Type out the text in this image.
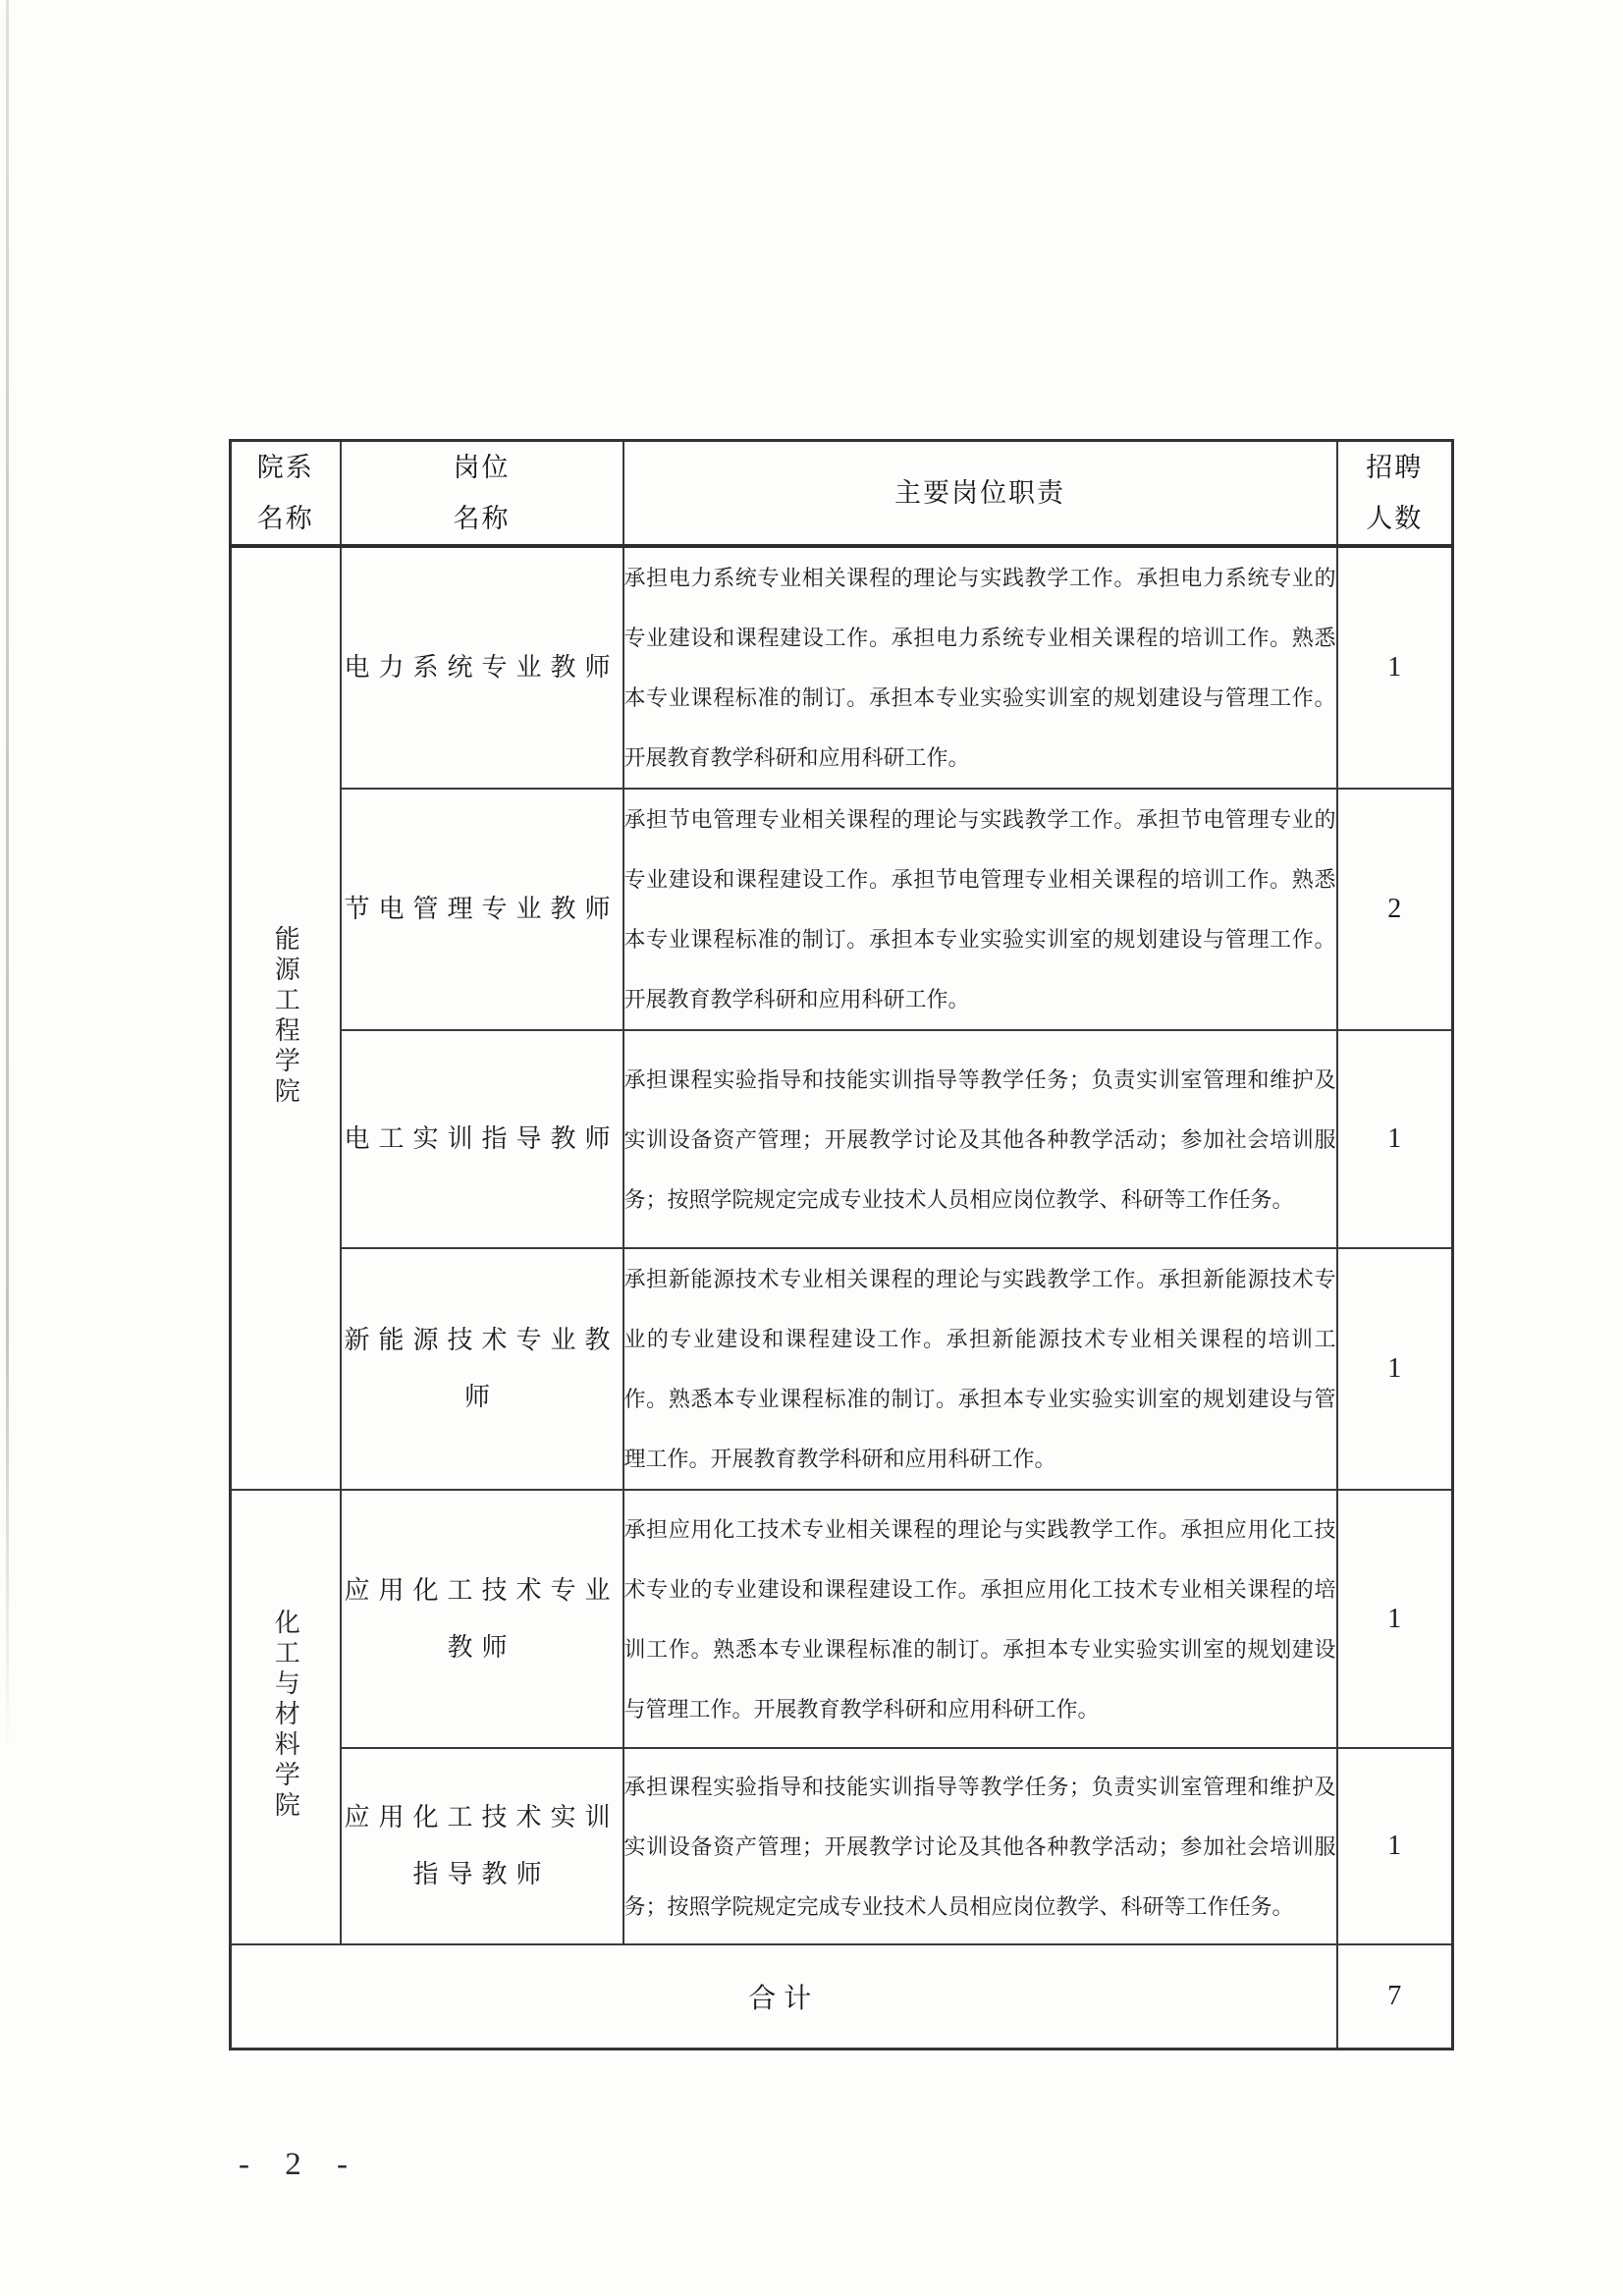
院系名称	岗位名称	主要岗位职责	招聘人数
能源工程学院	电力系统专业教师	承担电力系统专业相关课程的理论与实践教学工作。承担电力系统专业的专业建设和课程建设工作。承担电力系统专业相关课程的培训工作。熟悉本专业课程标准的制订。承担本专业实验实训室的规划建设与管理工作。开展教育教学科研和应用科研工作。	1
	节电管理专业教师	承担节电管理专业相关课程的理论与实践教学工作。承担节电管理专业的专业建设和课程建设工作。承担节电管理专业相关课程的培训工作。熟悉本专业课程标准的制订。承担本专业实验实训室的规划建设与管理工作。开展教育教学科研和应用科研工作。	2
	电工实训指导教师	承担课程实验指导和技能实训指导等教学任务；负责实训室管理和维护及实训设备资产管理；开展教学讨论及其他各种教学活动；参加社会培训服务；按照学院规定完成专业技术人员相应岗位教学、科研等工作任务。	1
	新能源技术专业教师	承担新能源技术专业相关课程的理论与实践教学工作。承担新能源技术专业的专业建设和课程建设工作。承担新能源技术专业相关课程的培训工作。熟悉本专业课程标准的制订。承担本专业实验实训室的规划建设与管理工作。开展教育教学科研和应用科研工作。	1
化工与材料学院	应用化工技术专业教师	承担应用化工技术专业相关课程的理论与实践教学工作。承担应用化工技术专业的专业建设和课程建设工作。承担应用化工技术专业相关课程的培训工作。熟悉本专业课程标准的制订。承担本专业实验实训室的规划建设与管理工作。开展教育教学科研和应用科研工作。	1
	应用化工技术实训指导教师	承担课程实验指导和技能实训指导等教学任务；负责实训室管理和维护及实训设备资产管理；开展教学讨论及其他各种教学活动；参加社会培训服务；按照学院规定完成专业技术人员相应岗位教学、科研等工作任务。	1
合计			7
- 2 -
